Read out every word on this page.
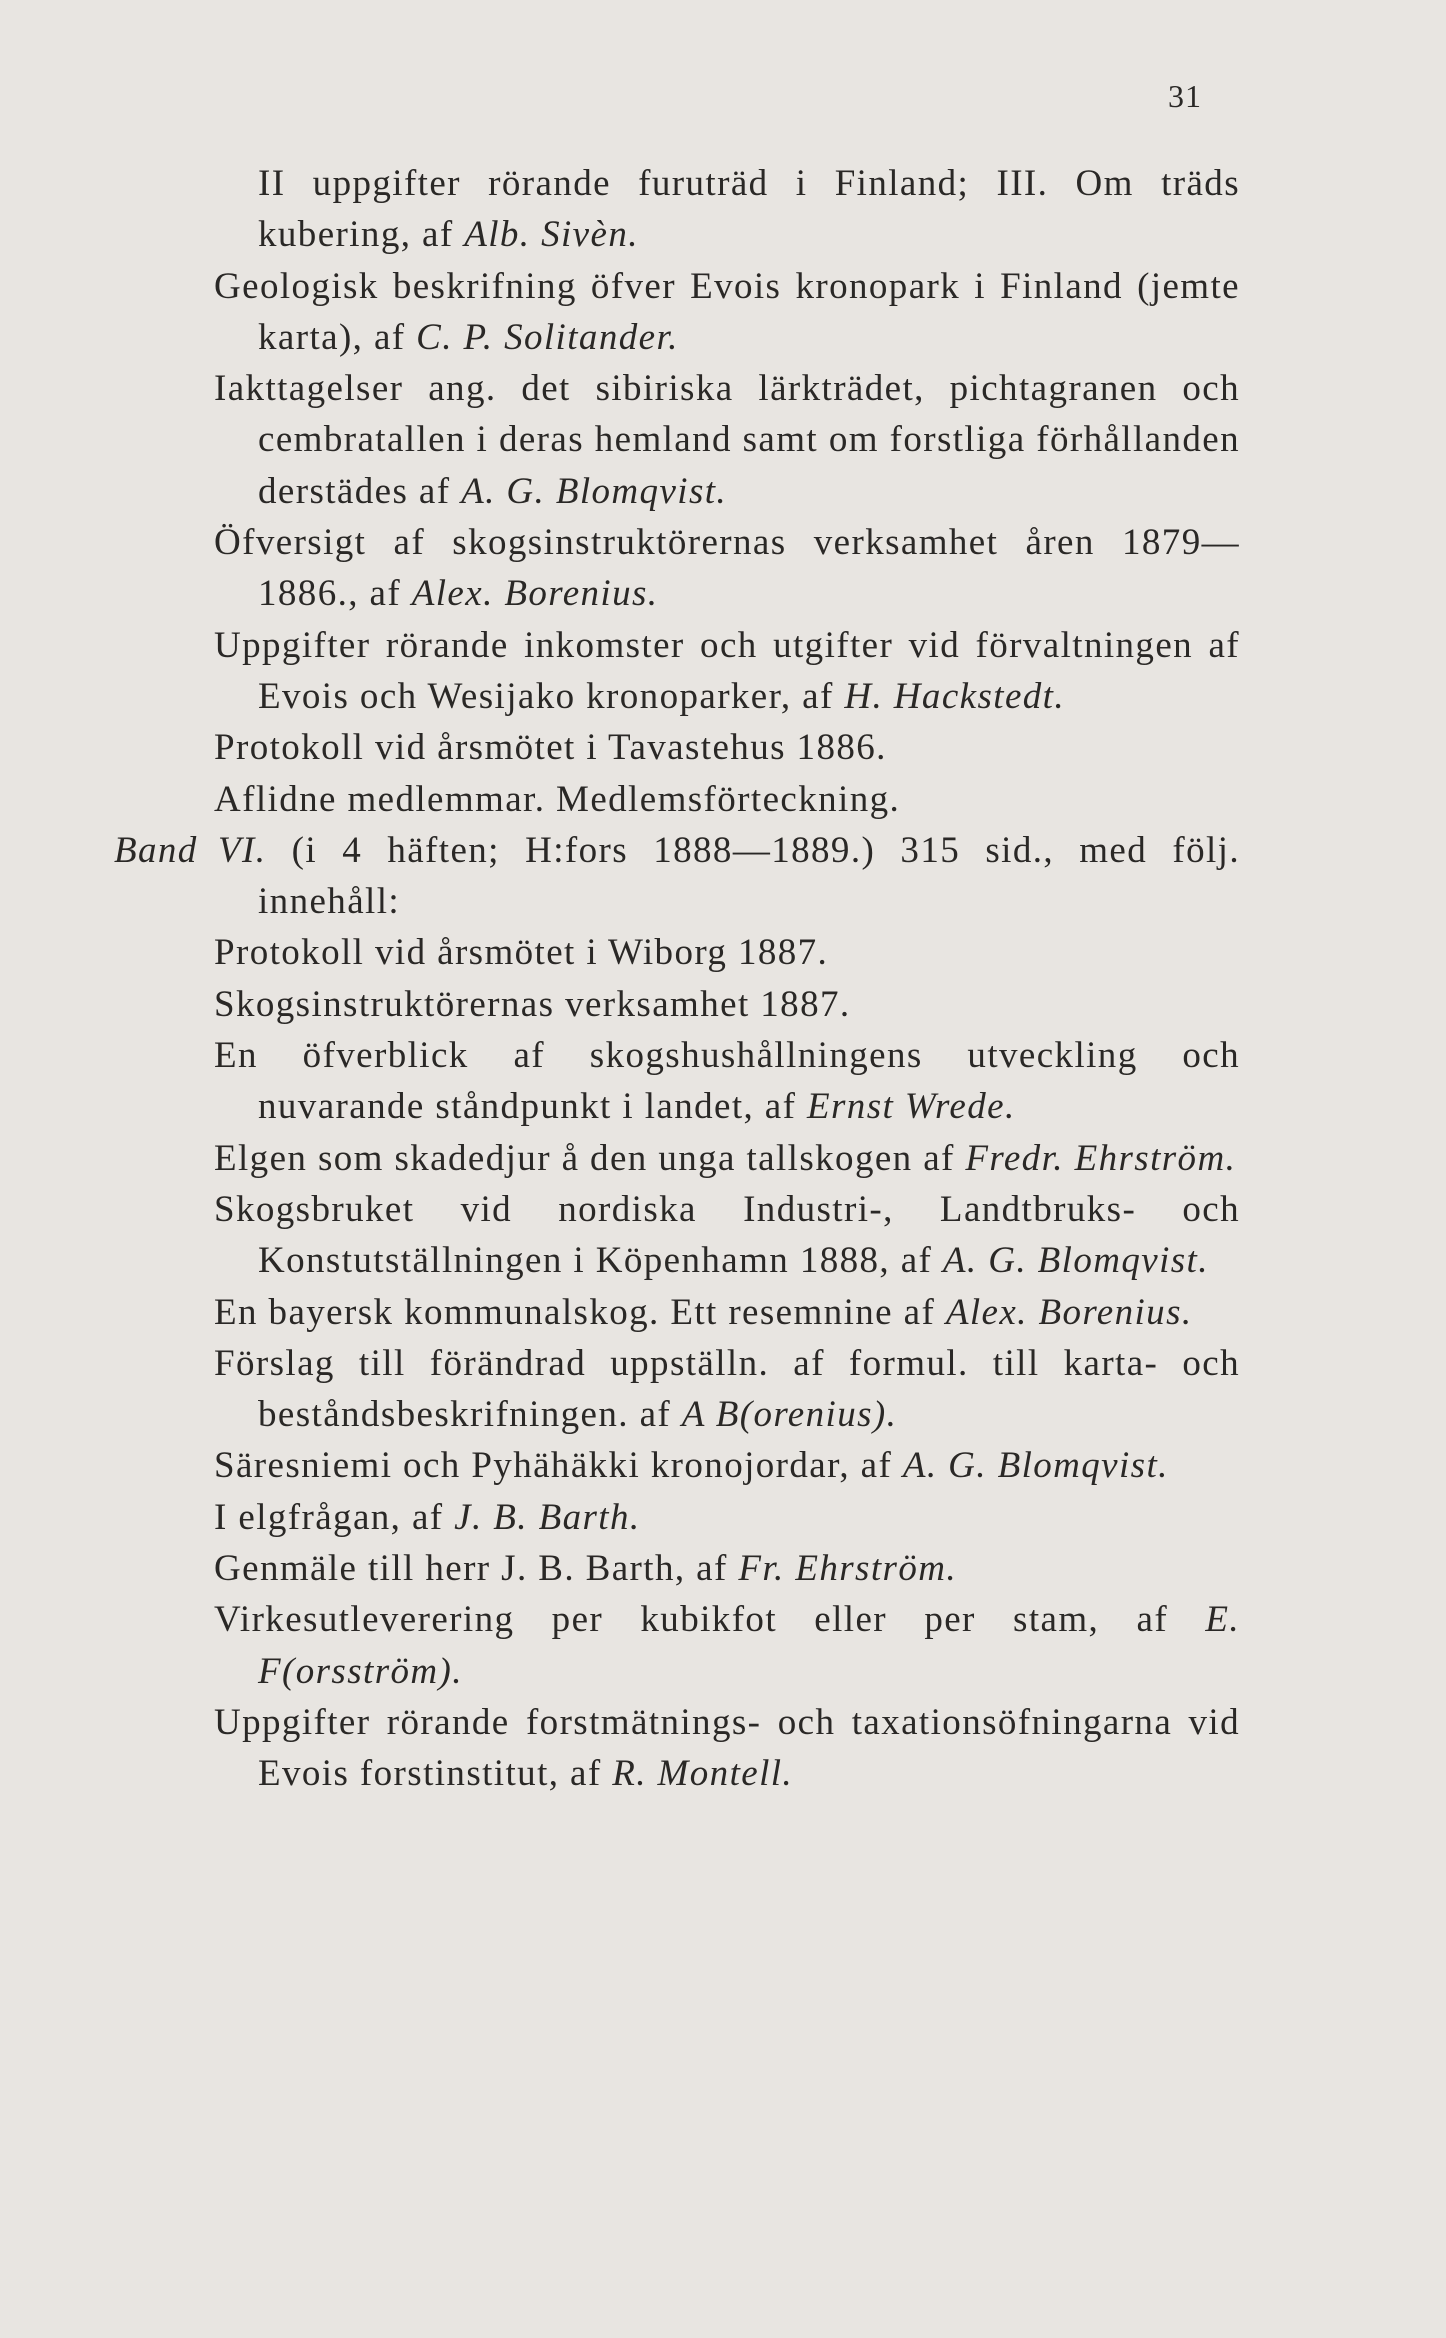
31
II uppgifter rörande furuträd i Finland; III. Om träds kubering, af Alb. Sivèn.
Geologisk beskrifning öfver Evois kronopark i Finland (jemte karta), af C. P. Solitander.
Iakttagelser ang. det sibiriska lärkträdet, pichtagranen och cembratallen i deras hemland samt om forstliga förhållanden derstädes af A. G. Blomqvist.
Öfversigt af skogsinstruktörernas verksamhet åren 1879—1886., af Alex. Borenius.
Uppgifter rörande inkomster och utgifter vid förvaltningen af Evois och Wesijako kronoparker, af H. Hackstedt.
Protokoll vid årsmötet i Tavastehus 1886.
Aflidne medlemmar. Medlemsförteckning.
Band VI. (i 4 häften; H:fors 1888—1889.) 315 sid., med följ. innehåll:
Protokoll vid årsmötet i Wiborg 1887.
Skogsinstruktörernas verksamhet 1887.
En öfverblick af skogshushållningens utveckling och nuvarande ståndpunkt i landet, af Ernst Wrede.
Elgen som skadedjur å den unga tallskogen af Fredr. Ehrström.
Skogsbruket vid nordiska Industri-, Landtbruks- och Konstutställningen i Köpenhamn 1888, af A. G. Blomqvist.
En bayersk kommunalskog. Ett resemnine af Alex. Borenius.
Förslag till förändrad uppställn. af formul. till karta- och beståndsbeskrifningen. af A B(orenius).
Säresniemi och Pyhähäkki kronojordar, af A. G. Blomqvist.
I elgfrågan, af J. B. Barth.
Genmäle till herr J. B. Barth, af Fr. Ehrström.
Virkesutleverering per kubikfot eller per stam, af E. F(orsström).
Uppgifter rörande forstmätnings- och taxationsöfningarna vid Evois forstinstitut, af R. Montell.
